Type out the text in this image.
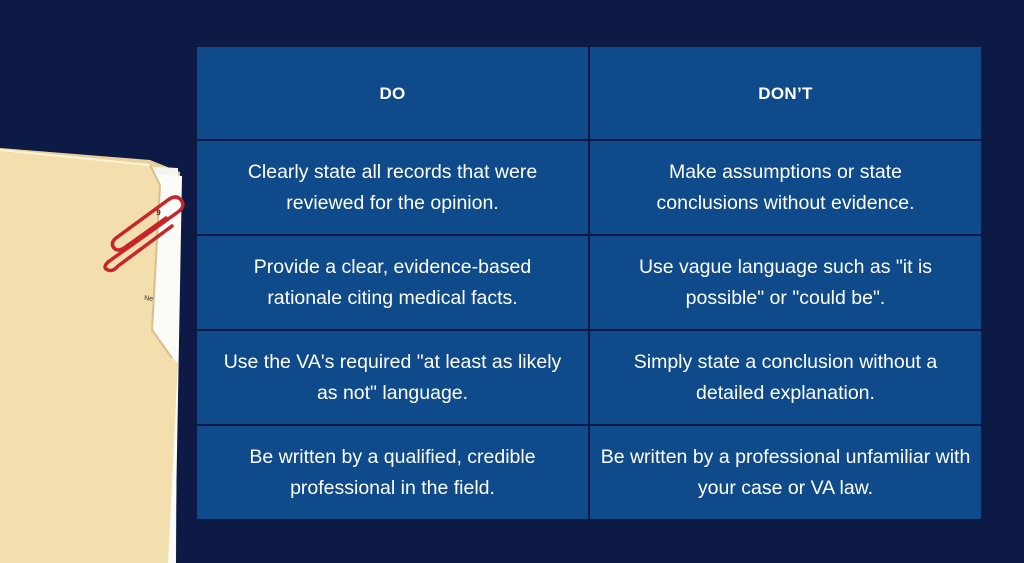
9
Ne
DO	DON’T
Clearly state all records that were reviewed for the opinion.
Make assumptions or state conclusions without evidence.
Provide a clear, evidence-based rationale citing medical facts.
Use vague language such as "it is possible" or "could be".
Use the VA's required "at least as likely as not" language.
Simply state a conclusion without a detailed explanation.
Be written by a qualified, credible professional in the field.
Be written by a professional unfamiliar with your case or VA law.
